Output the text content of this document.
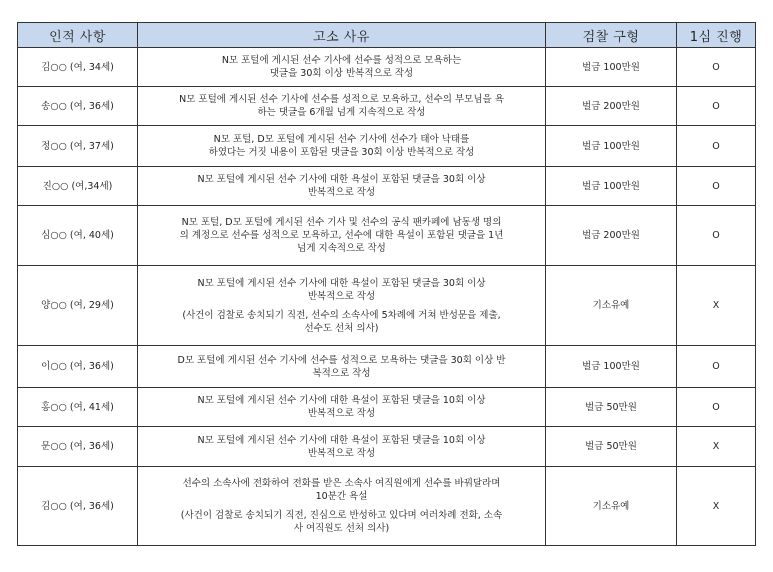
인적 사항	고소 사유	검찰 구형	1심 진행
김○○ (여, 34세)	N모 포털에 게시된 선수 기사에 선수를 성적으로 모욕하는
댓글을 30회 이상 반복적으로 작성	벌금 100만원	O
송○○ (여, 36세)	N모 포털에 게시된 선수 기사에 선수를 성적으로 모욕하고, 선수의 부모님을 욕
하는 댓글을 6개월 넘게 지속적으로 작성	벌금 200만원	O
정○○ (여, 37세)	N모 포털, D모 포털에 게시된 선수 기사에 선수가 태아 낙태를
하였다는 거짓 내용이 포함된 댓글을 30회 이상 반복적으로 작성	벌금 100만원	O
진○○ (여,34세)	N모 포털에 게시된 선수 기사에 대한 욕설이 포함된 댓글을 30회 이상
반복적으로 작성	벌금 100만원	O
심○○ (여, 40세)	N모 포털, D모 포털에 게시된 선수 기사 및 선수의 공식 팬카페에 남동생 명의
의 계정으로 선수를 성적으로 모욕하고, 선수에 대한 욕설이 포함된 댓글을 1년
넘게 지속적으로 작성	벌금 200만원	O
양○○ (여, 29세)	N모 포털에 게시된 선수 기사에 대한 욕설이 포함된 댓글을 30회 이상
반복적으로 작성
(사건이 검찰로 송치되기 직전, 선수의 소속사에 5차례에 거쳐 반성문을 제출,
선수도 선처 의사)	기소유예	X
이○○ (여, 36세)	D모 포털에 게시된 선수 기사에 선수를 성적으로 모욕하는 댓글을 30회 이상 반
복적으로 작성	벌금 100만원	O
홍○○ (여, 41세)	N모 포털에 게시된 선수 기사에 대한 욕설이 포함된 댓글을 10회 이상
반복적으로 작성	벌금 50만원	O
문○○ (여, 36세)	N모 포털에 게시된 선수 기사에 대한 욕설이 포함된 댓글을 10회 이상
반복적으로 작성	벌금 50만원	X
김○○ (여, 36세)	선수의 소속사에 전화하여 전화를 받은 소속사 여직원에게 선수를 바꿔달라며
10분간 욕설
(사건이 검찰로 송치되기 직전, 진심으로 반성하고 있다며 여러차례 전화, 소속
사 여직원도 선처 의사)	기소유예	X
